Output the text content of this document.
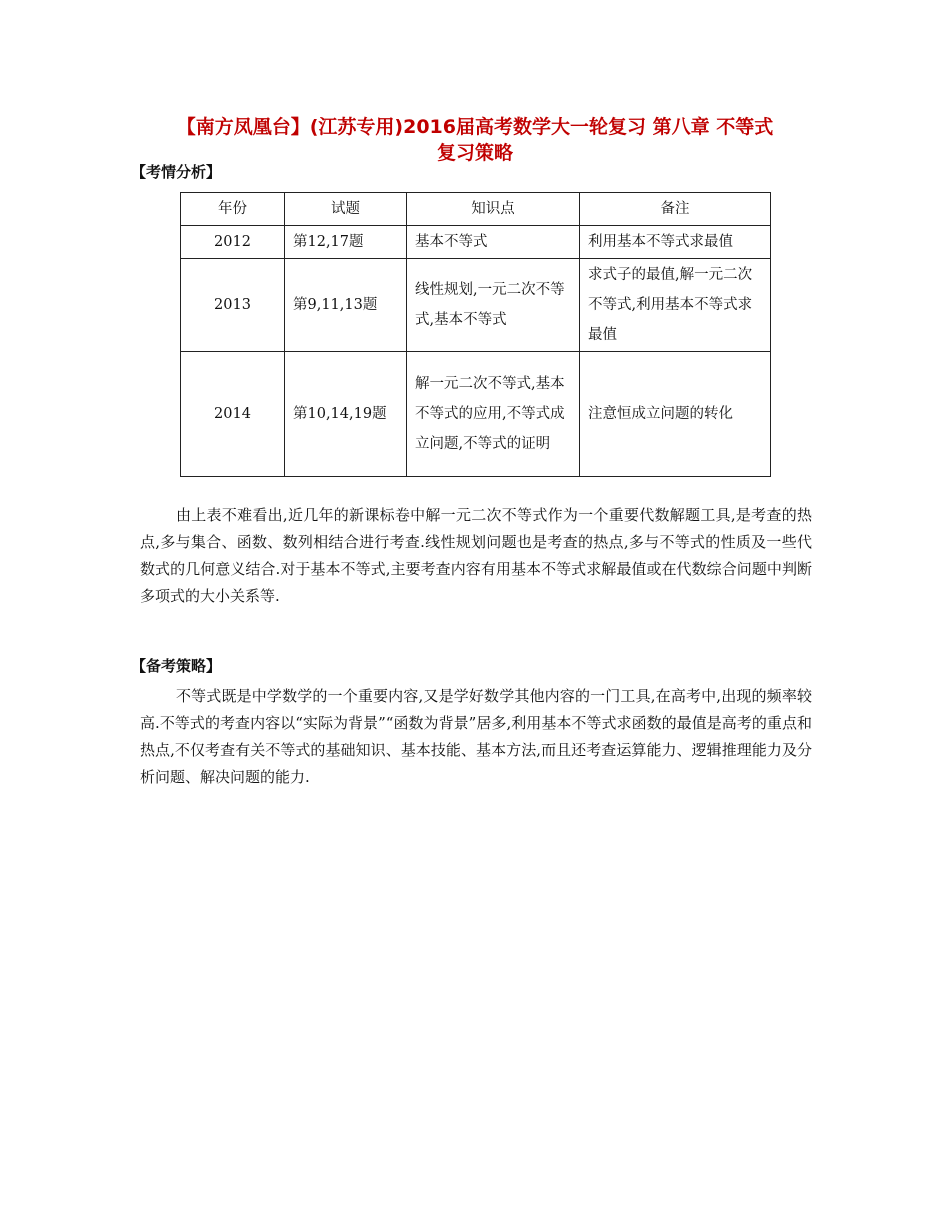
【南方凤凰台】(江苏专用)2016届高考数学大一轮复习 第八章 不等式
复习策略
【考情分析】
年份	试题	知识点	备注
2012	第12,17题	基本不等式	利用基本不等式求最值
2013	第9,11,13题	线性规划,一元二次不等式,基本不等式	求式子的最值,解一元二次不等式,利用基本不等式求最值
2014	第10,14,19题	解一元二次不等式,基本不等式的应用,不等式成立问题,不等式的证明	注意恒成立问题的转化
由上表不难看出,近几年的新课标卷中解一元二次不等式作为一个重要代数解题工具,是考查的热点,多与集合、函数、数列相结合进行考查.线性规划问题也是考查的热点,多与不等式的性质及一些代数式的几何意义结合.对于基本不等式,主要考查内容有用基本不等式求解最值或在代数综合问题中判断多项式的大小关系等.
【备考策略】
不等式既是中学数学的一个重要内容,又是学好数学其他内容的一门工具,在高考中,出现的频率较高.不等式的考查内容以“实际为背景”“函数为背景”居多,利用基本不等式求函数的最值是高考的重点和热点,不仅考查有关不等式的基础知识、基本技能、基本方法,而且还考查运算能力、逻辑推理能力及分析问题、解决问题的能力.
